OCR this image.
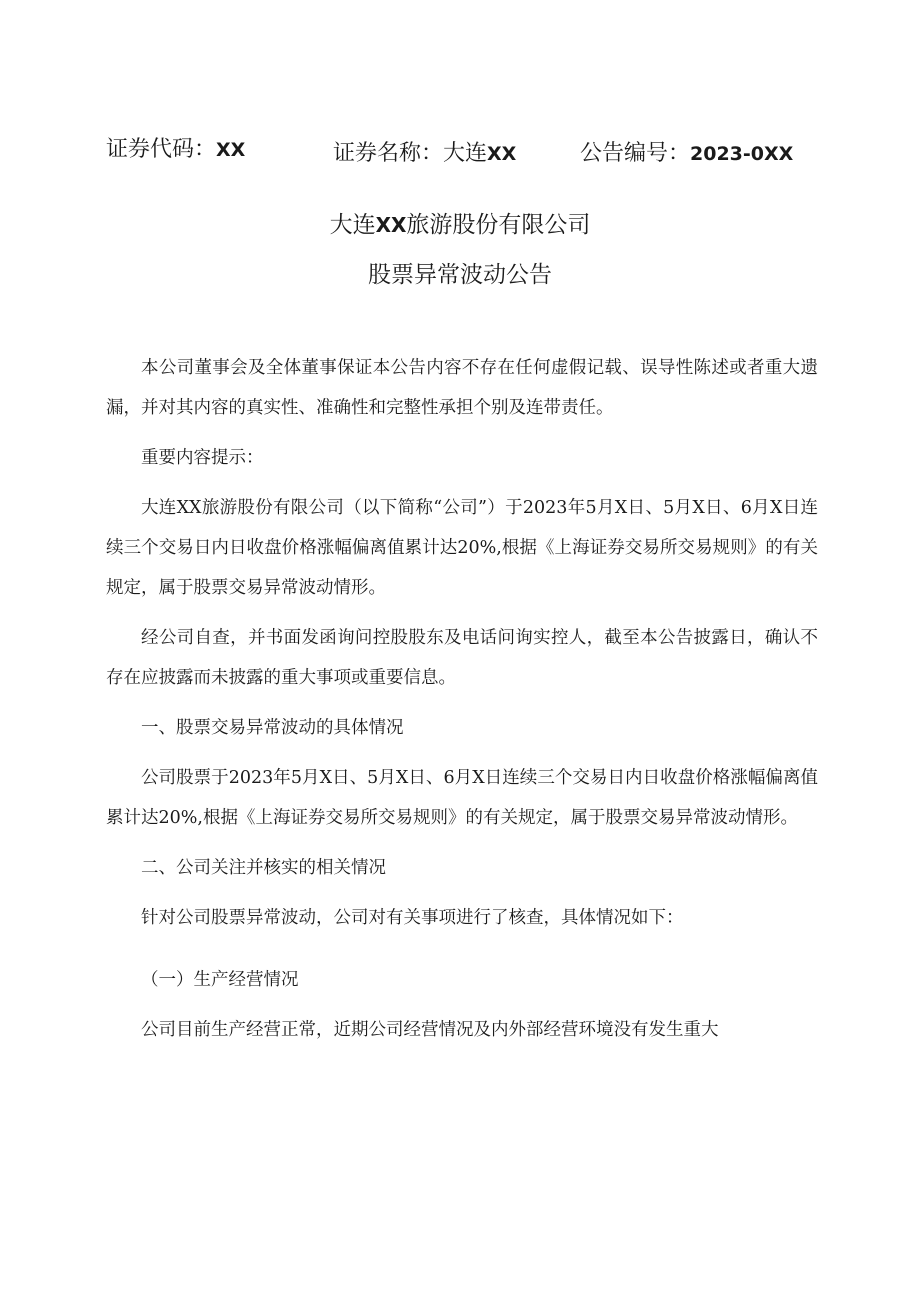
证券代码：XX	证券名称：大连XX	公告编号：2023-0XX
大连XX旅游股份有限公司
股票异常波动公告

本公司董事会及全体董事保证本公告内容不存在任何虚假记载、误导性陈述或者重大遗漏，并对其内容的真实性、准确性和完整性承担个别及连带责任。

重要内容提示：

大连XX旅游股份有限公司（以下简称“公司”）于2023年5月X日、5月X日、6月X日连续三个交易日内日收盘价格涨幅偏离值累计达20%,根据《上海证券交易所交易规则》的有关规定，属于股票交易异常波动情形。

经公司自查，并书面发函询问控股股东及电话问询实控人，截至本公告披露日，确认不存在应披露而未披露的重大事项或重要信息。

一、股票交易异常波动的具体情况

公司股票于2023年5月X日、5月X日、6月X日连续三个交易日内日收盘价格涨幅偏离值累计达20%,根据《上海证券交易所交易规则》的有关规定，属于股票交易异常波动情形。

二、公司关注并核实的相关情况

针对公司股票异常波动，公司对有关事项进行了核查，具体情况如下：

（一）生产经营情况

公司目前生产经营正常，近期公司经营情况及内外部经营环境没有发生重大
